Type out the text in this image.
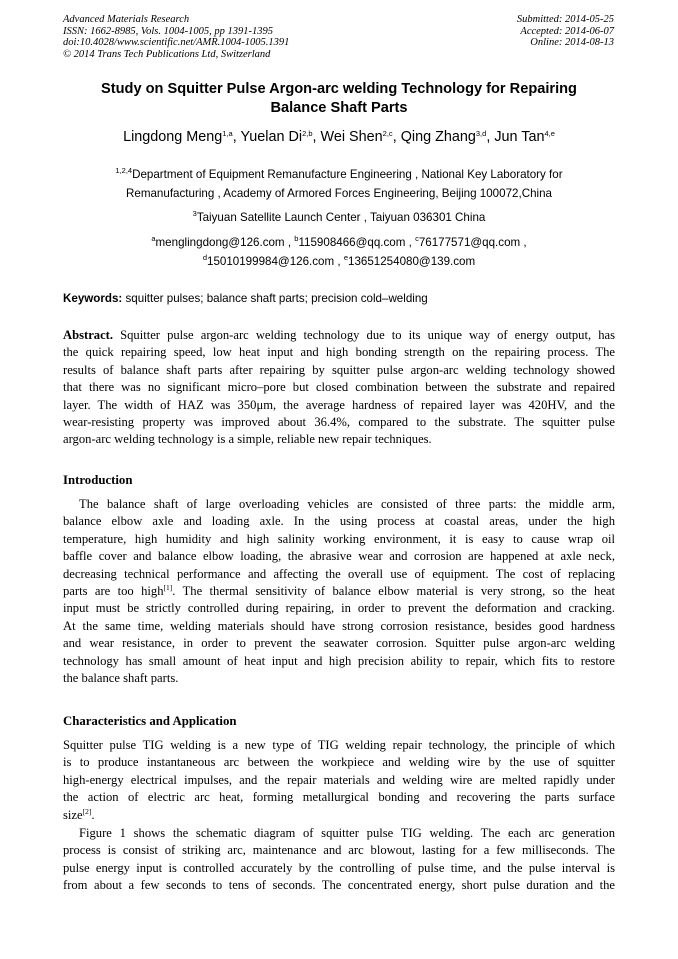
Advanced Materials Research
ISSN: 1662-8985, Vols. 1004-1005, pp 1391-1395
doi:10.4028/www.scientific.net/AMR.1004-1005.1391
© 2014 Trans Tech Publications Ltd, Switzerland
Submitted: 2014-05-25
Accepted: 2014-06-07
Online: 2014-08-13
Study on Squitter Pulse Argon-arc welding Technology for Repairing
Balance Shaft Parts
Lingdong Meng$^{1,a}$, Yuelan Di$^{2,b}$, Wei Shen$^{2,c}$, Qing Zhang$^{3,d}$, Jun Tan$^{4,e}$
$^{1,2,4}$Department of Equipment Remanufacture Engineering , National Key Laboratory for
Remanufacturing , Academy of Armored Forces Engineering, Beijing 100072,China
$^3$Taiyuan Satellite Launch Center , Taiyuan 036301 China
$^a$menglingdong@126.com , $^b$115908466@qq.com , $^c$76177571@qq.com ,
$^d$15010199984@126.com , $^e$13651254080@139.com
Keywords: squitter pulses; balance shaft parts; precision cold–welding
Abstract. Squitter pulse argon-arc welding technology due to its unique way of energy output, has
the quick repairing speed, low heat input and high bonding strength on the repairing process. The
results of balance shaft parts after repairing by squitter pulse argon-arc welding technology showed
that there was no significant micro–pore but closed combination between the substrate and repaired
layer. The width of HAZ was 350μm, the average hardness of repaired layer was 420HV, and the
wear-resisting property was improved about 36.4%, compared to the substrate. The squitter pulse
argon-arc welding technology is a simple, reliable new repair techniques.
Introduction
The balance shaft of large overloading vehicles are consisted of three parts: the middle arm,
balance elbow axle and loading axle. In the using process at coastal areas, under the high
temperature, high humidity and high salinity working environment, it is easy to cause wrap oil
baffle cover and balance elbow loading, the abrasive wear and corrosion are happened at axle neck,
decreasing technical performance and affecting the overall use of equipment. The cost of replacing
parts are too high[1]. The thermal sensitivity of balance elbow material is very strong, so the heat
input must be strictly controlled during repairing, in order to prevent the deformation and cracking.
At the same time, welding materials should have strong corrosion resistance, besides good hardness
and wear resistance, in order to prevent the seawater corrosion. Squitter pulse argon-arc welding
technology has small amount of heat input and high precision ability to repair, which fits to restore
the balance shaft parts.
Characteristics and Application
Squitter pulse TIG welding is a new type of TIG welding repair technology, the principle of which
is to produce instantaneous arc between the workpiece and welding wire by the use of squitter
high-energy electrical impulses, and the repair materials and welding wire are melted rapidly under
the action of electric arc heat, forming metallurgical bonding and recovering the parts surface
size[2].
Figure 1 shows the schematic diagram of squitter pulse TIG welding. The each arc generation
process is consist of striking arc, maintenance and arc blowout, lasting for a few milliseconds. The
pulse energy input is controlled accurately by the controlling of pulse time, and the pulse interval is
from about a few seconds to tens of seconds. The concentrated energy, short pulse duration and the
